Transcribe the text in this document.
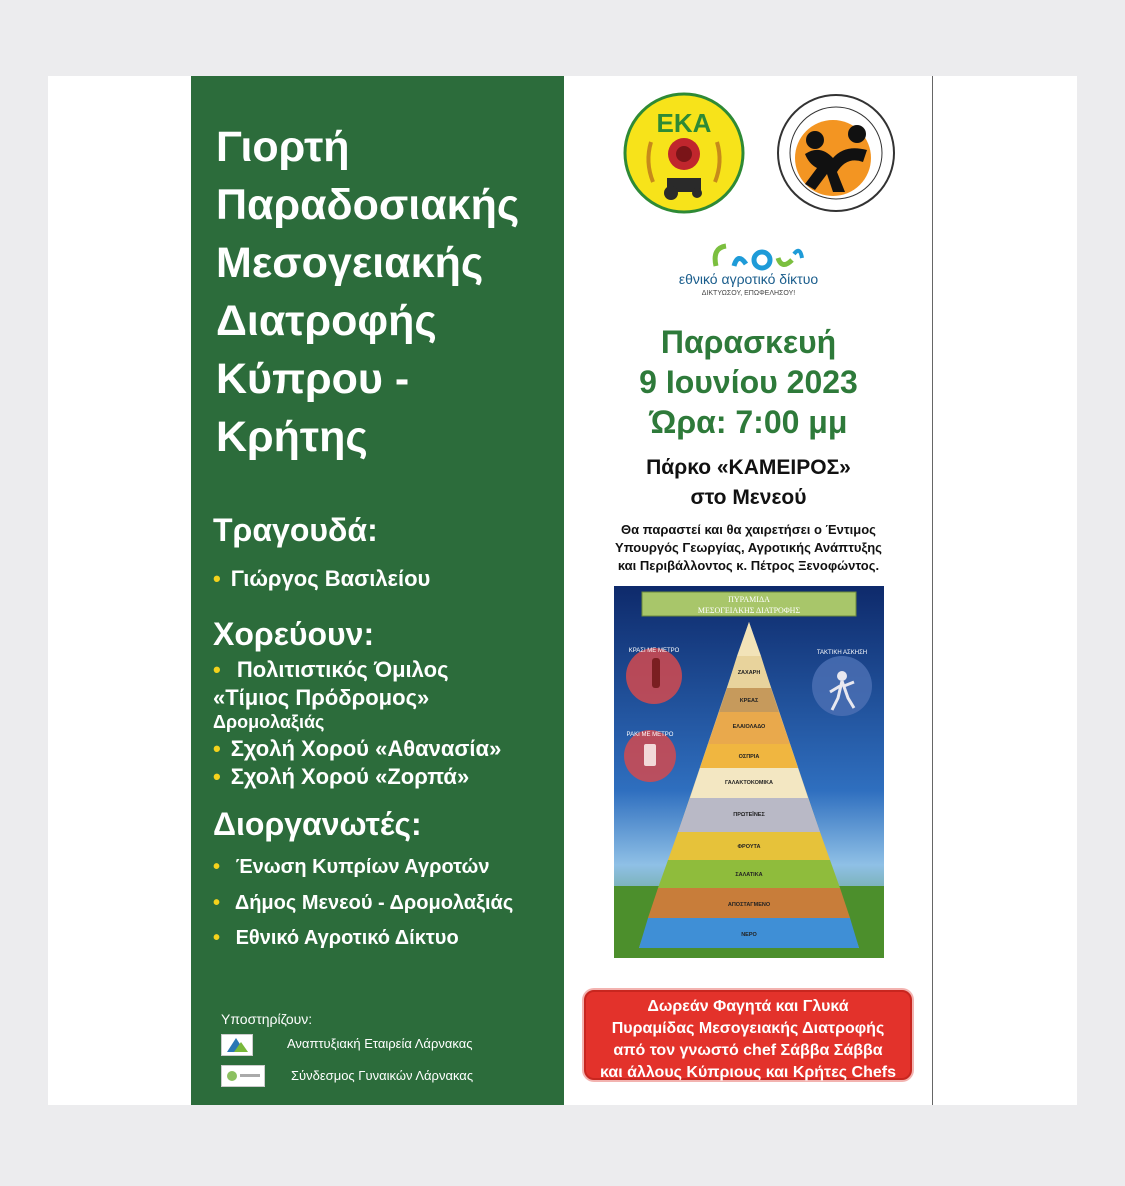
Γιορτή
Παραδοσιακής
Μεσογειακής
Διατροφής
Κύπρου -
Κρήτης
Τραγουδά:
• Γιώργος Βασιλείου
Χορεύουν:
• Πολιτιστικός Όμιλος
«Τίμιος Πρόδρομος»
Δρομολαξιάς
• Σχολή Χορού «Αθανασία»
• Σχολή Χορού «Ζορπά»
Διοργανωτές:
• Ένωση Κυπρίων Αγροτών
• Δήμος Μενεού - Δρομολαξιάς
• Εθνικό Αγροτικό Δίκτυο
Υποστηρίζουν:
Αναπτυξιακή Εταιρεία Λάρνακας
Σύνδεσμος Γυναικών Λάρνακας
ΕΚΑ
εθνικό αγροτικό δίκτυο
ΔΙΚΤΥΩΣΟΥ, ΕΠΩΦΕΛΗΣΟΥ!
Παρασκευή
9 Ιουνίου 2023
Ώρα: 7:00 μμ
Πάρκο «ΚΑΜΕΙΡΟΣ»
στο Μενεού
Θα παραστεί και θα χαιρετήσει ο Έντιμος
Υπουργός Γεωργίας, Αγροτικής Ανάπτυξης
και Περιβάλλοντος κ. Πέτρος Ξενοφώντος.
ΠΥΡΑΜΙΔΑ
ΜΕΣΟΓΕΙΑΚΗΣ ΔΙΑΤΡΟΦΗΣ
ΖΑΧΑΡΗ
ΚΡΕΑΣ
ΕΛΑΙΟΛΑΔΟ
ΟΣΠΡΙΑ
ΓΑΛΑΚΤΟΚΟΜΙΚΑ
ΠΡΩΤΕΪΝΕΣ
ΦΡΟΥΤΑ
ΣΑΛΑΤΙΚΑ
ΑΠΟΣΤΑΓΜΕΝΟ
ΝΕΡΟ
ΚΡΑΣΙ ΜΕ ΜΕΤΡΟ
ΡΑΚΙ ΜΕ ΜΕΤΡΟ
ΤΑΚΤΙΚΗ ΑΣΚΗΣΗ
Δωρεάν Φαγητά και Γλυκά
Πυραμίδας Μεσογειακής Διατροφής
από τον γνωστό chef Σάββα Σάββα
και άλλους Κύπριους και Κρήτες Chefs
